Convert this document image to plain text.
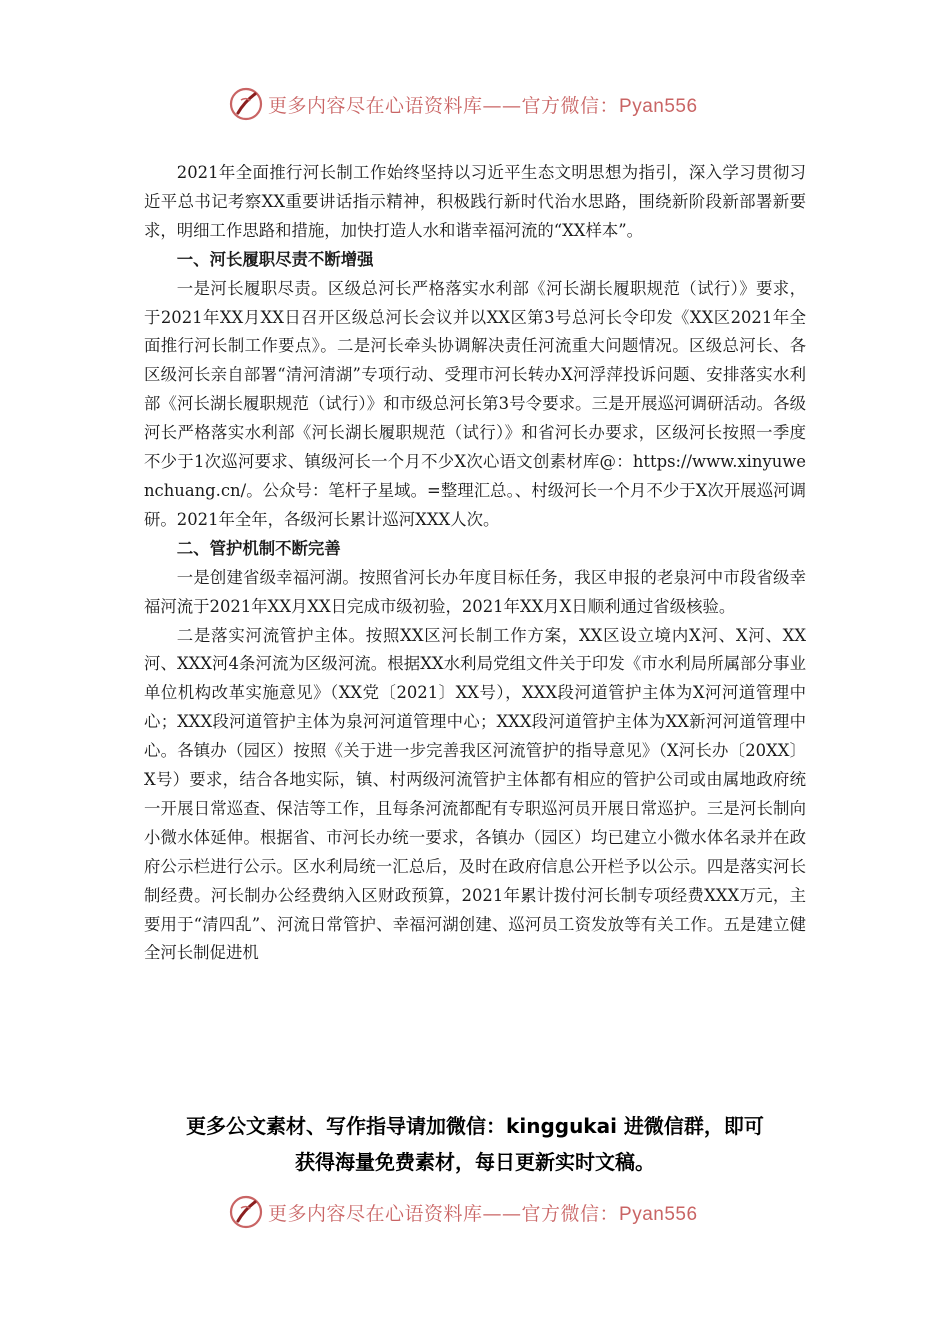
更多内容尽在心语资料库——官方微信：Pyan556

2021年全面推行河长制工作始终坚持以习近平生态文明思想为指引，深入学习贯彻习近平总书记考察XX重要讲话指示精神，积极践行新时代治水思路，围绕新阶段新部署新要求，明细工作思路和措施，加快打造人水和谐幸福河流的“XX样本”。

一、河长履职尽责不断增强

一是河长履职尽责。区级总河长严格落实水利部《河长湖长履职规范（试行）》要求，于2021年XX月XX日召开区级总河长会议并以XX区第3号总河长令印发《XX区2021年全面推行河长制工作要点》。二是河长牵头协调解决责任河流重大问题情况。区级总河长、各区级河长亲自部署“清河清湖”专项行动、受理市河长转办X河浮萍投诉问题、安排落实水利部《河长湖长履职规范（试行）》和市级总河长第3号令要求。三是开展巡河调研活动。各级河长严格落实水利部《河长湖长履职规范（试行）》和省河长办要求，区级河长按照一季度不少于1次巡河要求、镇级河长一个月不少X次心语文创素材库@：https://www.xinyuwenchuang.cn/。公众号：笔杆子星域。=整理汇总。、村级河长一个月不少于X次开展巡河调研。2021年全年，各级河长累计巡河XXX人次。

二、管护机制不断完善

一是创建省级幸福河湖。按照省河长办年度目标任务，我区申报的老泉河中市段省级幸福河流于2021年XX月XX日完成市级初验，2021年XX月X日顺利通过省级核验。

二是落实河流管护主体。按照XX区河长制工作方案，XX区设立境内X河、X河、XX河、XXX河4条河流为区级河流。根据XX水利局党组文件关于印发《市水利局所属部分事业单位机构改革实施意见》（XX党〔2021〕XX号），XXX段河道管护主体为X河河道管理中心；XXX段河道管护主体为泉河河道管理中心；XXX段河道管护主体为XX新河河道管理中心。各镇办（园区）按照《关于进一步完善我区河流管护的指导意见》（X河长办〔20XX〕X号）要求，结合各地实际，镇、村两级河流管护主体都有相应的管护公司或由属地政府统一开展日常巡查、保洁等工作，且每条河流都配有专职巡河员开展日常巡护。三是河长制向小微水体延伸。根据省、市河长办统一要求，各镇办（园区）均已建立小微水体名录并在政府公示栏进行公示。区水利局统一汇总后，及时在政府信息公开栏予以公示。四是落实河长制经费。河长制办公经费纳入区财政预算，2021年累计拨付河长制专项经费XXX万元，主要用于“清四乱”、河流日常管护、幸福河湖创建、巡河员工资发放等有关工作。五是建立健全河长制促进机

更多公文素材、写作指导请加微信：kinggukai 进微信群，即可
获得海量免费素材，每日更新实时文稿。
更多内容尽在心语资料库——官方微信：Pyan556
